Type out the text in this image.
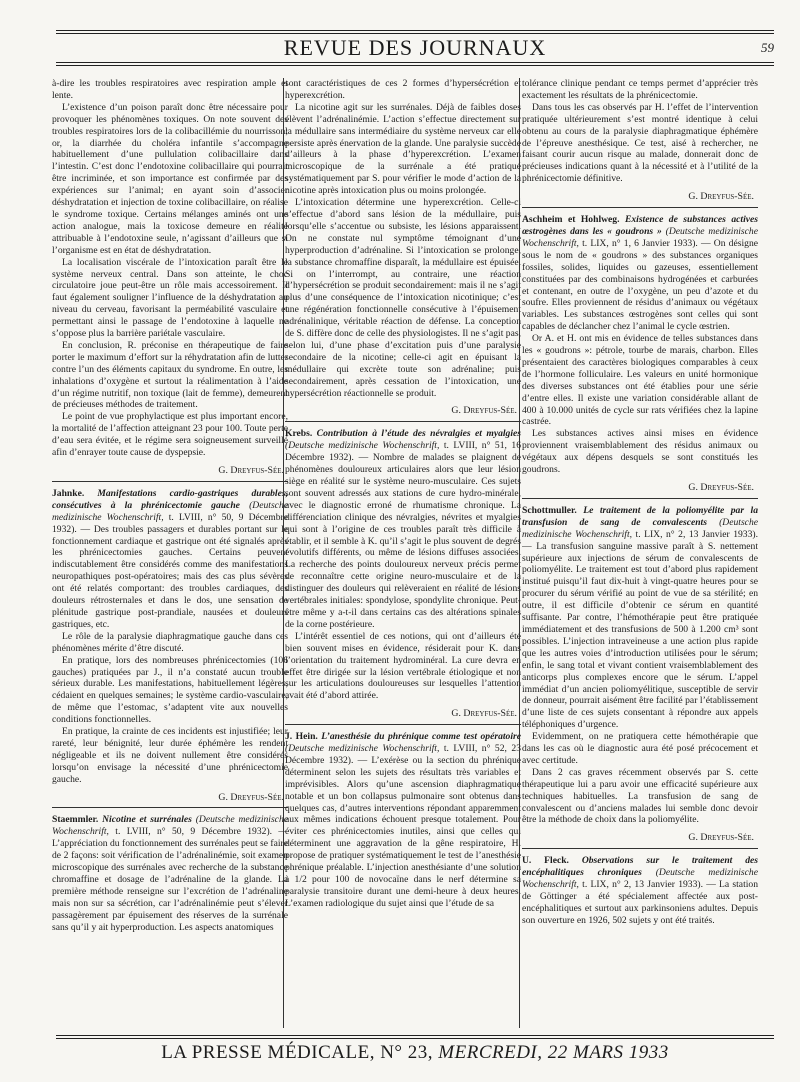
REVUE DES JOURNAUX	59

à-dire les troubles respiratoires avec respiration ample et lente.

L’existence d’un poison paraît donc être nécessaire pour provoquer les phénomènes toxiques. On note souvent des troubles respiratoires lors de la colibacillémie du nourrisson; or, la diarrhée du choléra infantile s’accompagne habituellement d’une pullulation colibacillaire dans l’intestin. C’est donc l’endotoxine colibacillaire qui pourrait être incriminée, et son importance est confirmée par des expériences sur l’animal; en ayant soin d’associer déshydratation et injection de toxine colibacillaire, on réalise le syndrome toxique. Certains mélanges aminés ont une action analogue, mais la toxicose demeure en réalité attribuable à l’endotoxine seule, n’agissant d’ailleurs que si l’organisme est en état de déshydratation.

La localisation viscérale de l’intoxication paraît être le système nerveux central. Dans son atteinte, le choc circulatoire joue peut-être un rôle mais accessoirement. Il faut également souligner l’influence de la déshydratation au niveau du cerveau, favorisant la perméabilité vasculaire et permettant ainsi le passage de l’endotoxine à laquelle ne s’oppose plus la barrière pariétale vasculaire.

En conclusion, R. préconise en thérapeutique de faire porter le maximum d’effort sur la réhydratation afin de lutter contre l’un des éléments capitaux du syndrome. En outre, les inhalations d’oxygène et surtout la réalimentation à l’aide d’un régime nutritif, non toxique (lait de femme), demeurent de précieuses méthodes de traitement.

Le point de vue prophylactique est plus important encore, la mortalité de l’affection atteignant 23 pour 100. Toute perte d’eau sera évitée, et le régime sera soigneusement surveillé afin d’enrayer toute cause de dyspepsie.

G. Dreyfus-Sée.

Jahnke. Manifestations cardio-gastriques durables, consécutives à la phrénicectomie gauche (Deutsche medizinische Wochenschrift, t. LVIII, n° 50, 9 Décembre 1932). — Des troubles passagers et durables portant sur le fonctionnement cardiaque et gastrique ont été signalés après les phrénicectomies gauches. Certains peuvent indiscutablement être considérés comme des manifestations neuropathiques post-opératoires; mais des cas plus sévères ont été relatés comportant: des troubles cardiaques, des douleurs rétrosternales et dans le dos, une sensation de plénitude gastrique post-prandiale, nausées et douleurs gastriques, etc.

Le rôle de la paralysie diaphragmatique gauche dans ces phénomènes mérite d’être discuté.

En pratique, lors des nombreuses phrénicectomies (106 gauches) pratiquées par J., il n’a constaté aucun trouble sérieux durable. Les manifestations, habituellement légères, cédaient en quelques semaines; le système cardio-vasculaire, de même que l’estomac, s’adaptent vite aux nouvelles conditions fonctionnelles.

En pratique, la crainte de ces incidents est injustifiée; leur rareté, leur bénignité, leur durée éphémère les rendent négligeable et ils ne doivent nullement être considérés lorsqu’on envisage la nécessité d’une phrénicectomie gauche.

G. Dreyfus-Sée.

Staemmler. Nicotine et surrénales (Deutsche medizinische Wochenschrift, t. LVIII, n° 50, 9 Décembre 1932). — L’appréciation du fonctionnement des surrénales peut se faire de 2 façons: soit vérification de l’adrénalinémie, soit examen microscopique des surrénales avec recherche de la substance chromaffine et dosage de l’adrénaline de la glande. La première méthode renseigne sur l’excrétion de l’adrénaline mais non sur sa sécrétion, car l’adrénalinémie peut s’élever passagèrement par épuisement des réserves de la surrénale sans qu’il y ait hyperproduction. Les aspects anatomiques

sont caractéristiques de ces 2 formes d’hypersécrétion et hyperexcrétion.

La nicotine agit sur les surrénales. Déjà de faibles doses élèvent l’adrénalinémie. L’action s’effectue directement sur la médullaire sans intermédiaire du système nerveux car elle persiste après énervation de la glande. Une paralysie succède d’ailleurs à la phase d’hyperexcrétion. L’examen microscopique de la surrénale a été pratiqué systématiquement par S. pour vérifier le mode d’action de la nicotine après intoxication plus ou moins prolongée.

L’intoxication détermine une hyperexcrétion. Celle-ci s’effectue d’abord sans lésion de la médullaire, puis lorsqu’elle s’accentue ou subsiste, les lésions apparaissent. On ne constate nul symptôme témoignant d’une hyperproduction d’adrénaline. Si l’intoxication se prolonge, la substance chromaffine disparaît, la médullaire est épuisée. Si on l’interrompt, au contraire, une réaction d’hypersécrétion se produit secondairement: mais il ne s’agit plus d’une conséquence de l’intoxication nicotinique; c’est une régénération fonctionnelle consécutive à l’épuisement adrénalinique, véritable réaction de défense. La conception de S. diffère donc de celle des physiologistes. Il ne s’agit pas, selon lui, d’une phase d’excitation puis d’une paralysie secondaire de la nicotine; celle-ci agit en épuisant la médullaire qui excrète toute son adrénaline; puis secondairement, après cessation de l’intoxication, une hypersécrétion réactionnelle se produit.

G. Dreyfus-Sée.

Krebs. Contribution à l’étude des névralgies et myalgies (Deutsche medizinische Wochenschrift, t. LVIII, n° 51, 16 Décembre 1932). — Nombre de malades se plaignent de phénomènes douloureux articulaires alors que leur lésion siège en réalité sur le système neuro-musculaire. Ces sujets sont souvent adressés aux stations de cure hydro-minérale, avec le diagnostic erroné de rhumatisme chronique. La différenciation clinique des névralgies, névrites et myalgies qui sont à l’origine de ces troubles paraît très difficile à établir, et il semble à K. qu’il s’agit le plus souvent de degrés évolutifs différents, ou même de lésions diffuses associées. La recherche des points douloureux nerveux précis permet de reconnaître cette origine neuro-musculaire et de la distinguer des douleurs qui relèveraient en réalité de lésions vertébrales initiales: spondylose, spondylite chronique. Peut-être même y a-t-il dans certains cas des altérations spinales de la corne postérieure.

L’intérêt essentiel de ces notions, qui ont d’ailleurs été bien souvent mises en évidence, résiderait pour K. dans l’orientation du traitement hydrominéral. La cure devra en effet être dirigée sur la lésion vertébrale étiologique et non sur les articulations douloureuses sur lesquelles l’attention avait été d’abord attirée.

G. Dreyfus-Sée.

J. Hein. L’anesthésie du phrénique comme test opératoire (Deutsche medizinische Wochenschrift, t. LVIII, n° 52, 23 Décembre 1932). — L’exérèse ou la section du phrénique déterminent selon les sujets des résultats très variables et imprévisibles. Alors qu’une ascension diaphragmatique notable et un bon collapsus pulmonaire sont obtenus dans quelques cas, d’autres interventions répondant apparemment aux mêmes indications échouent presque totalement. Pour éviter ces phrénicectomies inutiles, ainsi que celles qui déterminent une aggravation de la gêne respiratoire, H. propose de pratiquer systématiquement le test de l’anesthésie phrénique préalable. L’injection anesthésiante d’une solution à 1/2 pour 100 de novocaïne dans le nerf détermine sa paralysie transitoire durant une demi-heure à deux heures. L’examen radiologique du sujet ainsi que l’étude de sa

tolérance clinique pendant ce temps permet d’apprécier très exactement les résultats de la phrénicectomie.

Dans tous les cas observés par H. l’effet de l’intervention pratiquée ultérieurement s’est montré identique à celui obtenu au cours de la paralysie diaphragmatique éphémère de l’épreuve anesthésique. Ce test, aisé à rechercher, ne faisant courir aucun risque au malade, donnerait donc de précieuses indications quant à la nécessité et à l’utilité de la phrénicectomie définitive.

G. Dreyfus-Sée.

Aschheim et Hohlweg. Existence de substances actives œstrogènes dans les « goudrons » (Deutsche medizinische Wochenschrift, t. LIX, n° 1, 6 Janvier 1933). — On désigne sous le nom de « goudrons » des substances organiques fossiles, solides, liquides ou gazeuses, essentiellement constituées par des combinaisons hydrogénées et carburées et contenant, en outre de l’oxygène, un peu d’azote et du soufre. Elles proviennent de résidus d’animaux ou végétaux variables. Les substances œstrogènes sont celles qui sont capables de déclancher chez l’animal le cycle œstrien.

Or A. et H. ont mis en évidence de telles substances dans les « goudrons »: pétrole, tourbe de marais, charbon. Elles présentaient des caractères biologiques comparables à ceux de l’hormone folliculaire. Les valeurs en unité hormonique des diverses substances ont été établies pour une série d’entre elles. Il existe une variation considérable allant de 400 à 10.000 unités de cycle sur rats vérifiées chez la lapine castrée.

Les substances actives ainsi mises en évidence proviennent vraisemblablement des résidus animaux ou végétaux aux dépens desquels se sont constitués les goudrons.

G. Dreyfus-Sée.

Schottmuller. Le traitement de la poliomyélite par la transfusion de sang de convalescents (Deutsche medizinische Wochenschrift, t. LIX, n° 2, 13 Janvier 1933). — La transfusion sanguine massive paraît à S. nettement supérieure aux injections de sérum de convalescents de poliomyélite. Le traitement est tout d’abord plus rapidement institué puisqu’il faut dix-huit à vingt-quatre heures pour se procurer du sérum vérifié au point de vue de sa stérilité; en outre, il est difficile d’obtenir ce sérum en quantité suffisante. Par contre, l’hémothérapie peut être pratiquée immédiatement et des transfusions de 500 à 1.200 cm³ sont possibles. L’injection intraveineuse a une action plus rapide que les autres voies d’introduction utilisées pour le sérum; enfin, le sang total et vivant contient vraisemblablement des anticorps plus complexes encore que le sérum. L’appel immédiat d’un ancien poliomyélitique, susceptible de servir de donneur, pourrait aisément être facilité par l’établissement d’une liste de ces sujets consentant à répondre aux appels téléphoniques d’urgence.

Evidemment, on ne pratiquera cette hémothérapie que dans les cas où le diagnostic aura été posé précocement et avec certitude.

Dans 2 cas graves récemment observés par S. cette thérapeutique lui a paru avoir une efficacité supérieure aux techniques habituelles. La transfusion de sang de convalescent ou d’anciens malades lui semble donc devoir être la méthode de choix dans la poliomyélite.

G. Dreyfus-Sée.

U. Fleck. Observations sur le traitement des encéphalitiques chroniques (Deutsche medizinische Wochenschrift, t. LIX, n° 2, 13 Janvier 1933). — La station de Göttinger a été spécialement affectée aux post-encéphalitiques et surtout aux parkinsoniens adultes. Depuis son ouverture en 1926, 502 sujets y ont été traités.

LA PRESSE MÉDICALE, N° 23, MERCREDI, 22 MARS 1933
